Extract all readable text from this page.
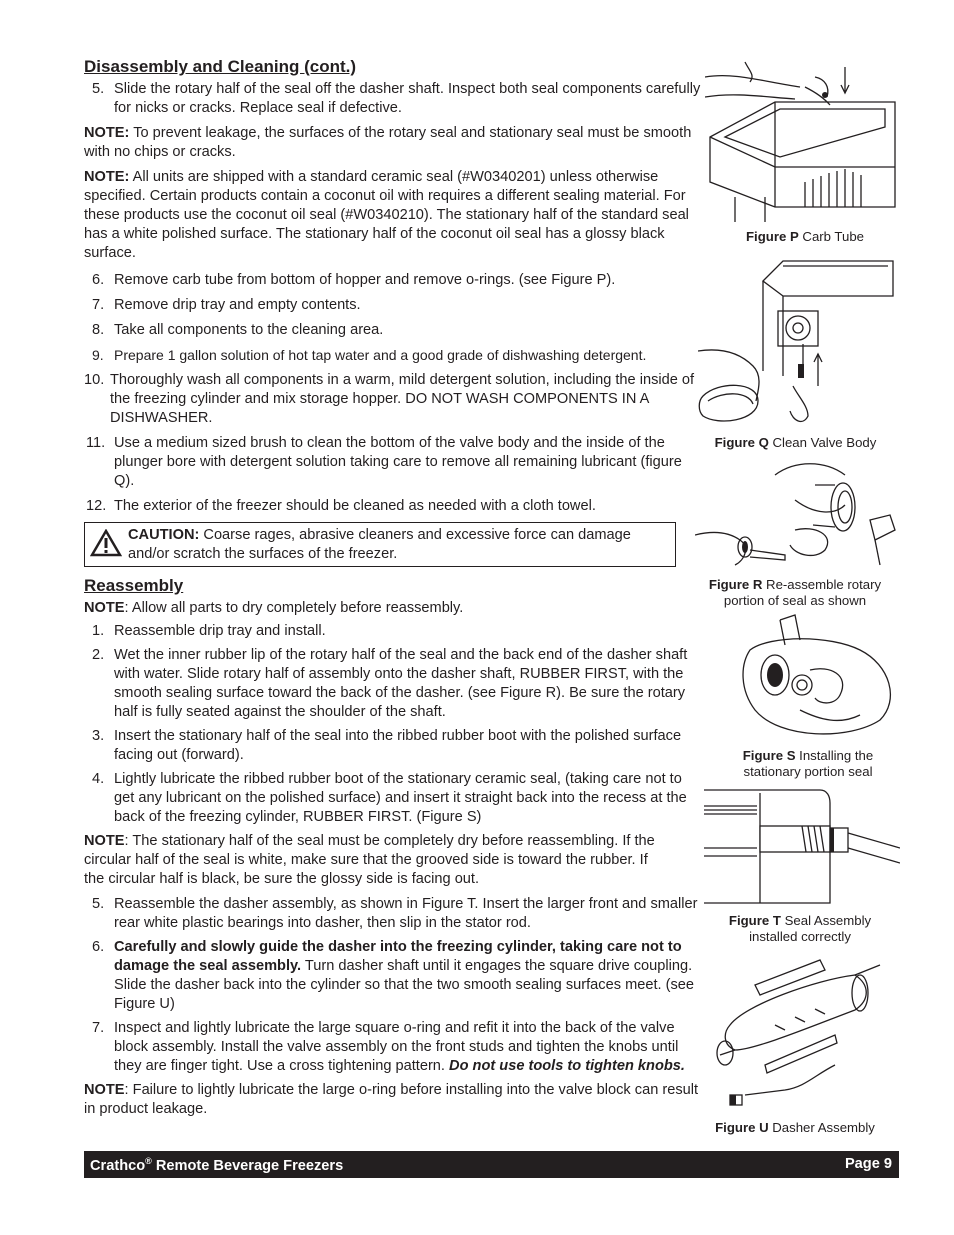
Disassembly and Cleaning (cont.)
5. Slide the rotary half of the seal off the dasher shaft. Inspect both seal components carefully for nicks or cracks. Replace seal if defective.

NOTE: To prevent leakage, the surfaces of the rotary seal and stationary seal must be smooth with no chips or cracks.

NOTE: All units are shipped with a standard ceramic seal (#W0340201) unless otherwise specified. Certain products contain a coconut oil with requires a different sealing material. For these products use the coconut oil seal (#W0340210). The stationary half of the standard seal has a white polished surface. The stationary half of the coconut oil seal has a glossy black surface.

6. Remove carb tube from bottom of hopper and remove o-rings. (see Figure P).
7. Remove drip tray and empty contents.
8. Take all components to the cleaning area.
9. Prepare 1 gallon solution of hot tap water and a good grade of dishwashing detergent.
10. Thoroughly wash all components in a warm, mild detergent solution, including the inside of the freezing cylinder and mix storage hopper. DO NOT WASH COMPONENTS IN A DISHWASHER.
11. Use a medium sized brush to clean the bottom of the valve body and the inside of the plunger bore with detergent solution taking care to remove all remaining lubricant (figure Q).
12. The exterior of the freezer should be cleaned as needed with a cloth towel.
CAUTION: Coarse rages, abrasive cleaners and excessive force can damage and/or scratch the surfaces of the freezer.
Reassembly

NOTE: Allow all parts to dry completely before reassembly.

1. Reassemble drip tray and install.
2. Wet the inner rubber lip of the rotary half of the seal and the back end of the dasher shaft with water. Slide rotary half of assembly onto the dasher shaft, RUBBER FIRST, with the smooth sealing surface toward the back of the dasher. (see Figure R). Be sure the rotary half is fully seated against the shoulder of the shaft.
3. Insert the stationary half of the seal into the ribbed rubber boot with the polished surface facing out (forward).
4. Lightly lubricate the ribbed rubber boot of the stationary ceramic seal, (taking care not to get any lubricant on the polished surface) and insert it straight back into the recess at the back of the freezing cylinder, RUBBER FIRST. (Figure S)

NOTE: The stationary half of the seal must be completely dry before reassembling. If the circular half of the seal is white, make sure that the grooved side is toward the rubber. If the circular half is black, be sure the glossy side is facing out.

5. Reassemble the dasher assembly, as shown in Figure T. Insert the larger front and smaller rear white plastic bearings into dasher, then slip in the stator rod.
6. Carefully and slowly guide the dasher into the freezing cylinder, taking care not to damage the seal assembly. Turn dasher shaft until it engages the square drive coupling. Slide the dasher back into the cylinder so that the two smooth sealing surfaces meet. (see Figure U)
7. Inspect and lightly lubricate the large square o-ring and refit it into the back of the valve block assembly. Install the valve assembly on the front studs and tighten the knobs until they are finger tight. Use a cross tightening pattern. Do not use tools to tighten knobs.

NOTE: Failure to lightly lubricate the large o-ring before installing into the valve block can result in product leakage.

Figure P Carb Tube
Figure Q Clean Valve Body
Figure R Re-assemble rotary portion of seal as shown
Figure S Installing the stationary portion seal
Figure T Seal Assembly installed correctly
Figure U Dasher Assembly
Crathco® Remote Beverage Freezers	Page 9
